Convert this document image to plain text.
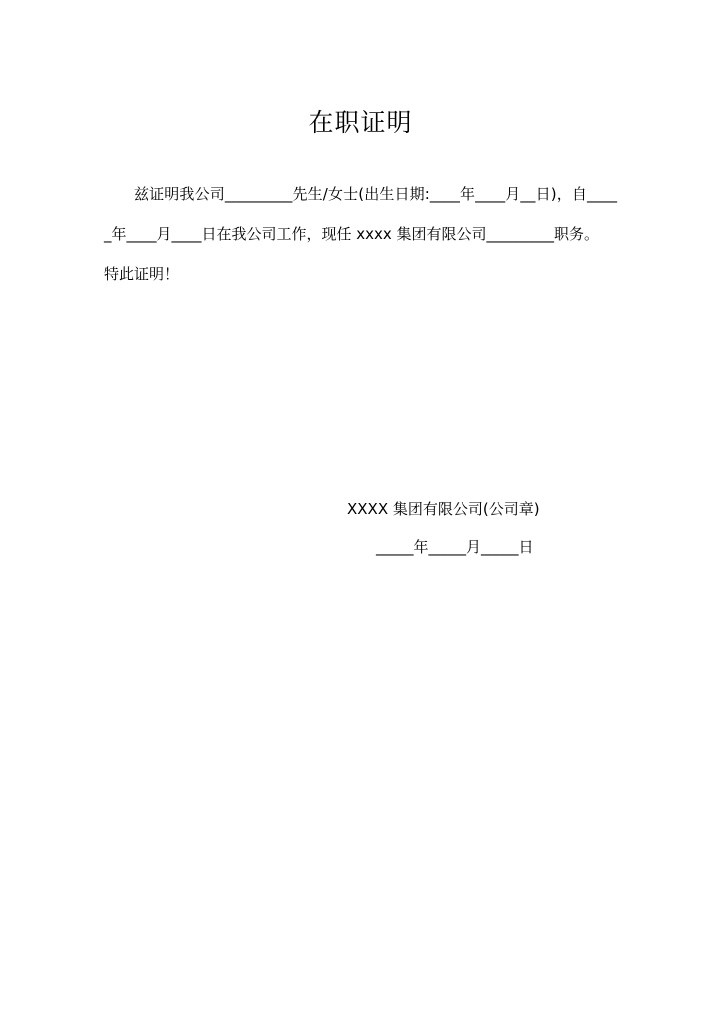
在职证明

兹证明我公司_________先生/女士(出生日期:____年____月__日)，自_____年____月____日在我公司工作，现任 xxxx 集团有限公司_________职务。

特此证明！

XXXX 集团有限公司(公司章)
_____年_____月_____日
